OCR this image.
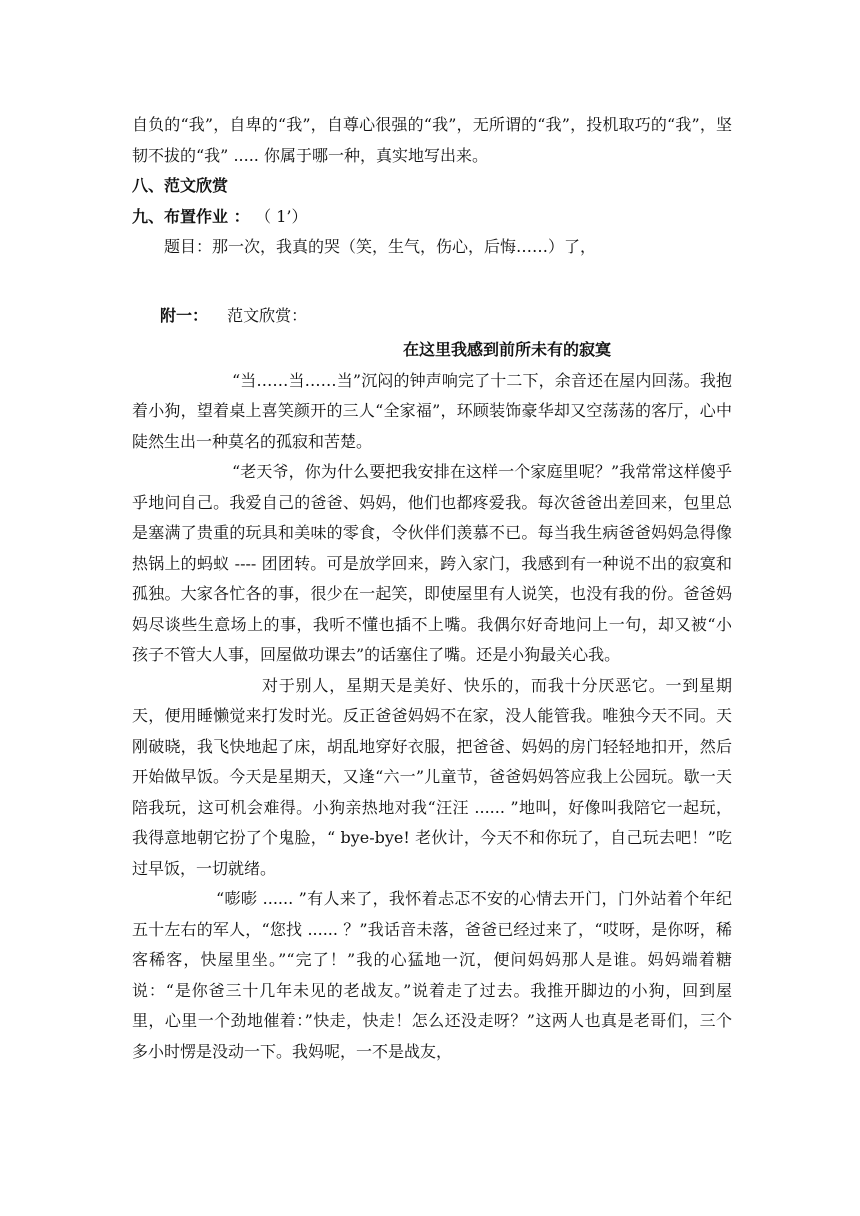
自负的“我”，自卑的“我”，自尊心很强的“我”，无所谓的“我”，投机取巧的“我”，坚韧不拔的“我” ..... 你属于哪一种，真实地写出来。

八、范文欣赏

九、布置作业 ： （ 1’）

题目：那一次，我真的哭（笑，生气，伤心，后悔……）了，

附一： 范文欣赏：

在这里我感到前所未有的寂寞

“当……当……当”沉闷的钟声响完了十二下，余音还在屋内回荡。我抱着小狗，望着桌上喜笑颜开的三人“全家福”，环顾装饰豪华却又空荡荡的客厅，心中陡然生出一种莫名的孤寂和苦楚。

“老天爷，你为什么要把我安排在这样一个家庭里呢？”我常常这样傻乎乎地问自己。我爱自己的爸爸、妈妈，他们也都疼爱我。每次爸爸出差回来，包里总是塞满了贵重的玩具和美味的零食，令伙伴们羡慕不已。每当我生病爸爸妈妈急得像热锅上的蚂蚁 ---- 团团转。可是放学回来，跨入家门，我感到有一种说不出的寂寞和孤独。大家各忙各的事，很少在一起笑，即使屋里有人说笑，也没有我的份。爸爸妈妈尽谈些生意场上的事，我听不懂也插不上嘴。我偶尔好奇地问上一句，却又被“小孩子不管大人事，回屋做功课去”的话塞住了嘴。还是小狗最关心我。

对于别人，星期天是美好、快乐的，而我十分厌恶它。一到星期天，便用睡懒觉来打发时光。反正爸爸妈妈不在家，没人能管我。唯独今天不同。天刚破晓，我飞快地起了床，胡乱地穿好衣服，把爸爸、妈妈的房门轻轻地扣开，然后开始做早饭。今天是星期天，又逢“六一”儿童节，爸爸妈妈答应我上公园玩。歇一天陪我玩，这可机会难得。小狗亲热地对我“汪汪 ...... ”地叫，好像叫我陪它一起玩，我得意地朝它扮了个鬼脸，“ bye-bye! 老伙计，今天不和你玩了，自己玩去吧！”吃过早饭，一切就绪。

“嘭嘭 ...... ”有人来了，我怀着忐忑不安的心情去开门，门外站着个年纪五十左右的军人，“您找 ...... ？”我话音未落，爸爸已经过来了，“哎呀，是你呀，稀客稀客，快屋里坐。”“完了！”我的心猛地一沉，便问妈妈那人是谁。妈妈端着糖说：“是你爸三十几年未见的老战友。”说着走了过去。我推开脚边的小狗，回到屋里，心里一个劲地催着：”快走，快走！怎么还没走呀？”这两人也真是老哥们，三个多小时愣是没动一下。我妈呢，一不是战友，
